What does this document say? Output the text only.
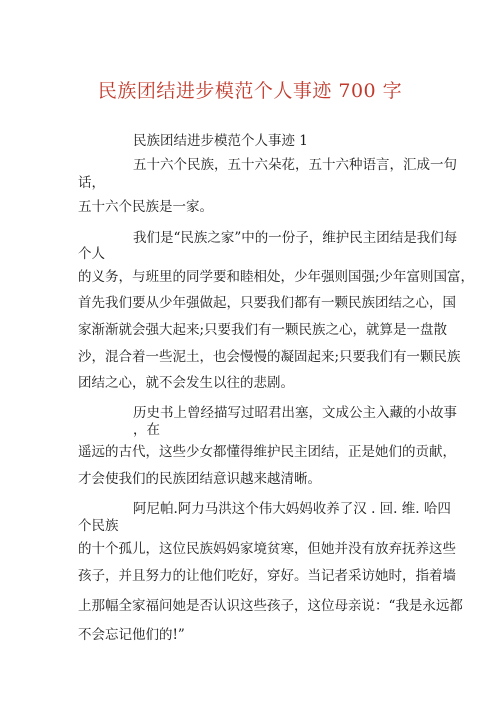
民族团结进步模范个人事迹 700 字
民族团结进步模范个人事迹 1
五十六个民族，五十六朵花，五十六种语言，汇成一句
话，
五十六个民族是一家。
我们是“民族之家”中的一份子，维护民主团结是我们每
个人
的义务，与班里的同学要和睦相处，少年强则国强;少年富则国富，
首先我们要从少年强做起，只要我们都有一颗民族团结之心，国
家渐渐就会强大起来;只要我们有一颗民族之心，就算是一盘散
沙，混合着一些泥土，也会慢慢的凝固起来;只要我们有一颗民族
团结之心，就不会发生以往的悲剧。
历史书上曾经描写过昭君出塞，文成公主入藏的小故事
，在
遥远的古代，这些少女都懂得维护民主团结，正是她们的贡献，
才会使我们的民族团结意识越来越清晰。
阿尼帕.阿力马洪这个伟大妈妈收养了汉 . 回. 维. 哈四
个民族
的十个孤儿，这位民族妈妈家境贫寒，但她并没有放弃抚养这些
孩子，并且努力的让他们吃好，穿好。当记者采访她时，指着墙
上那幅全家福问她是否认识这些孩子，这位母亲说：“我是永远都
不会忘记他们的!”
